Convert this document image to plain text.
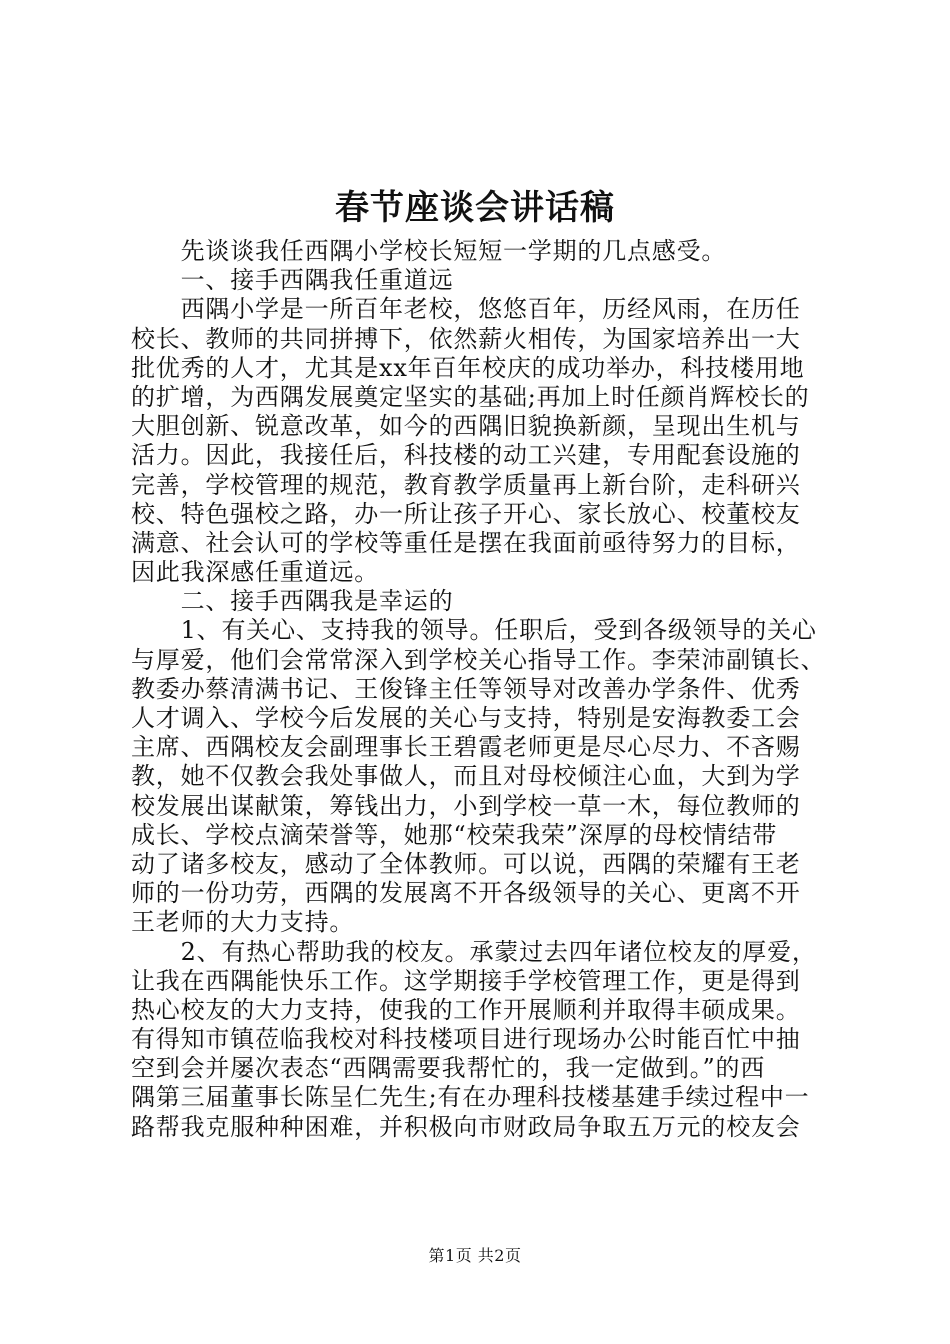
春节座谈会讲话稿
　　先谈谈我任西隅小学校长短短一学期的几点感受。
　　一、接手西隅我任重道远
　　西隅小学是一所百年老校，悠悠百年，历经风雨，在历任
校长、教师的共同拼搏下，依然薪火相传，为国家培养出一大
批优秀的人才，尤其是xx年百年校庆的成功举办，科技楼用地
的扩增，为西隅发展奠定坚实的基础;再加上时任颜肖辉校长的
大胆创新、锐意改革，如今的西隅旧貌换新颜，呈现出生机与
活力。因此，我接任后，科技楼的动工兴建，专用配套设施的
完善，学校管理的规范，教育教学质量再上新台阶，走科研兴
校、特色强校之路，办一所让孩子开心、家长放心、校董校友
满意、社会认可的学校等重任是摆在我面前亟待努力的目标，
因此我深感任重道远。
　　二、接手西隅我是幸运的
　　1、有关心、支持我的领导。任职后，受到各级领导的关心
与厚爱，他们会常常深入到学校关心指导工作。李荣沛副镇长、
教委办蔡清满书记、王俊锋主任等领导对改善办学条件、优秀
人才调入、学校今后发展的关心与支持，特别是安海教委工会
主席、西隅校友会副理事长王碧霞老师更是尽心尽力、不吝赐
教，她不仅教会我处事做人，而且对母校倾注心血，大到为学
校发展出谋献策，筹钱出力，小到学校一草一木，每位教师的
成长、学校点滴荣誉等，她那“校荣我荣”深厚的母校情结带
动了诸多校友，感动了全体教师。可以说，西隅的荣耀有王老
师的一份功劳，西隅的发展离不开各级领导的关心、更离不开
王老师的大力支持。
　　2、有热心帮助我的校友。承蒙过去四年诸位校友的厚爱，
让我在西隅能快乐工作。这学期接手学校管理工作，更是得到
热心校友的大力支持，使我的工作开展顺利并取得丰硕成果。
有得知市镇莅临我校对科技楼项目进行现场办公时能百忙中抽
空到会并屡次表态“西隅需要我帮忙的，我一定做到。”的西
隅第三届董事长陈呈仁先生;有在办理科技楼基建手续过程中一
路帮我克服种种困难，并积极向市财政局争取五万元的校友会
第1页 共2页
